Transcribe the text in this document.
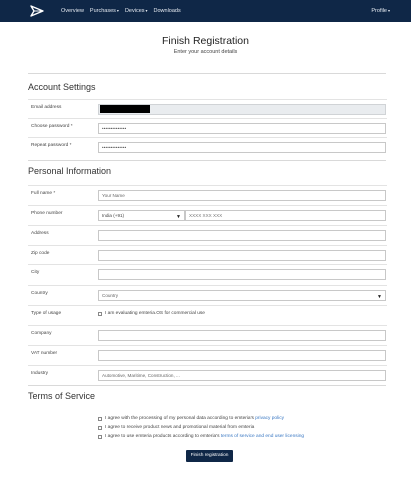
Overview Purchases ▾ Devices ▾ Downloads	Profile ▾
Finish Registration
Enter your account details
Account Settings
Email address
Choose password *	••••••••••••••
Repeat password *	••••••••••••••
Personal Information
Full name *	Your Name
Phone number	India (+91)	▼	XXXX XXX XXX
Address
Zip code
City
Country	Country	▼
Type of usage	I am evaluating emteria.OS for commercial use
Company
VAT number
Industry	Automotive, Maritime, Construction, ...
Terms of Service
I agree with the processing of my personal data according to emteria's privacy policy
I agree to receive product news and promotional material from emteria
I agree to use emteria products according to emteria's terms of service and end user licensing
Finish registration
